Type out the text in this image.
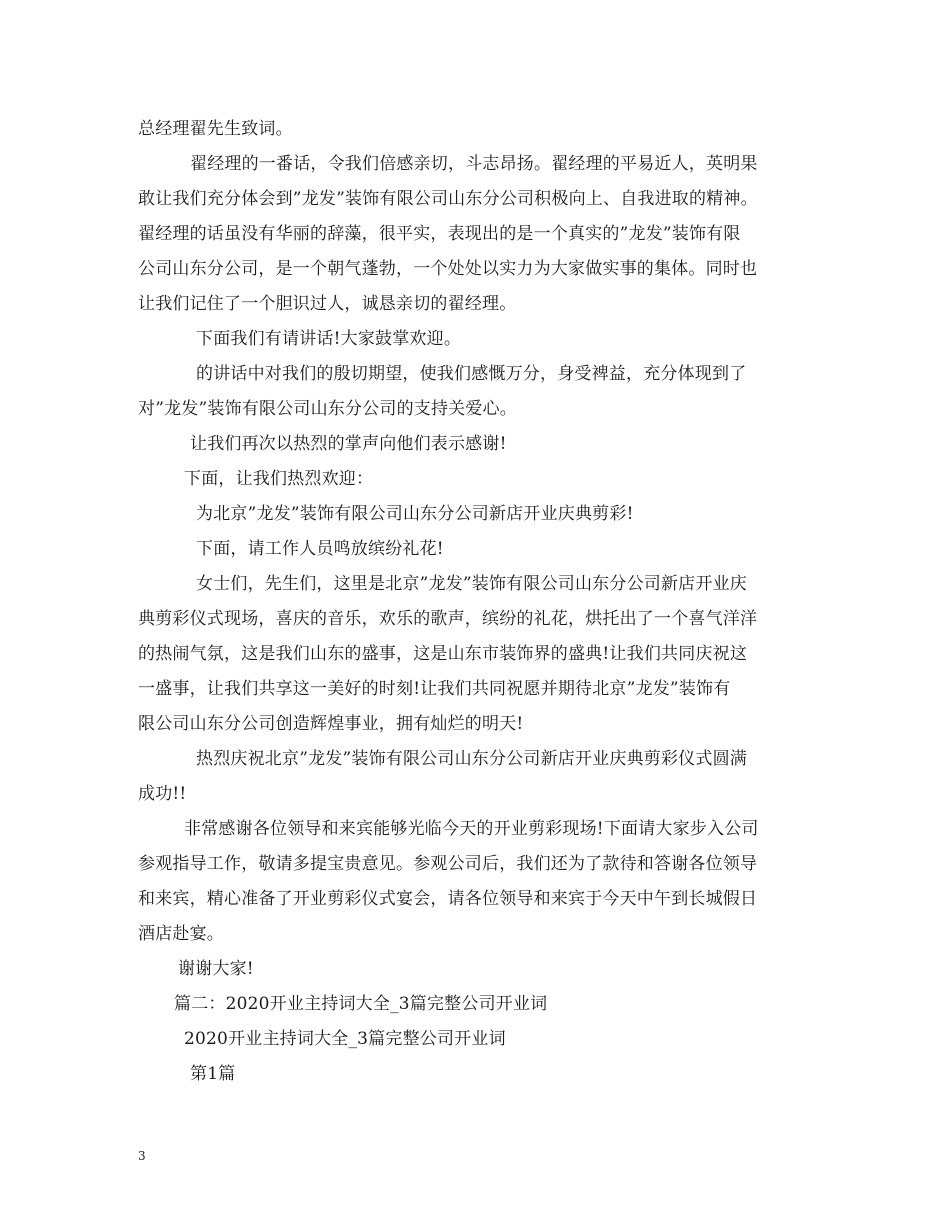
总经理翟先生致词。
翟经理的一番话，令我们倍感亲切，斗志昂扬。翟经理的平易近人，英明果
敢让我们充分体会到”龙发”装饰有限公司山东分公司积极向上、自我进取的精神。
翟经理的话虽没有华丽的辞藻，很平实，表现出的是一个真实的”龙发”装饰有限
公司山东分公司，是一个朝气蓬勃，一个处处以实力为大家做实事的集体。同时也
让我们记住了一个胆识过人，诚恳亲切的翟经理。
下面我们有请讲话!大家鼓掌欢迎。
的讲话中对我们的殷切期望，使我们感慨万分，身受裨益，充分体现到了
对”龙发”装饰有限公司山东分公司的支持关爱心。
让我们再次以热烈的掌声向他们表示感谢!
下面，让我们热烈欢迎：
为北京”龙发”装饰有限公司山东分公司新店开业庆典剪彩!
下面，请工作人员鸣放缤纷礼花!
女士们，先生们，这里是北京”龙发”装饰有限公司山东分公司新店开业庆
典剪彩仪式现场，喜庆的音乐，欢乐的歌声，缤纷的礼花，烘托出了一个喜气洋洋
的热闹气氛，这是我们山东的盛事，这是山东市装饰界的盛典!让我们共同庆祝这
一盛事，让我们共享这一美好的时刻!让我们共同祝愿并期待北京”龙发”装饰有
限公司山东分公司创造辉煌事业，拥有灿烂的明天!
热烈庆祝北京”龙发”装饰有限公司山东分公司新店开业庆典剪彩仪式圆满
成功!!
非常感谢各位领导和来宾能够光临今天的开业剪彩现场!下面请大家步入公司
参观指导工作，敬请多提宝贵意见。参观公司后，我们还为了款待和答谢各位领导
和来宾，精心准备了开业剪彩仪式宴会，请各位领导和来宾于今天中午到长城假日
酒店赴宴。
谢谢大家!
篇二：2020开业主持词大全_3篇完整公司开业词
2020开业主持词大全_3篇完整公司开业词
第1篇
3
